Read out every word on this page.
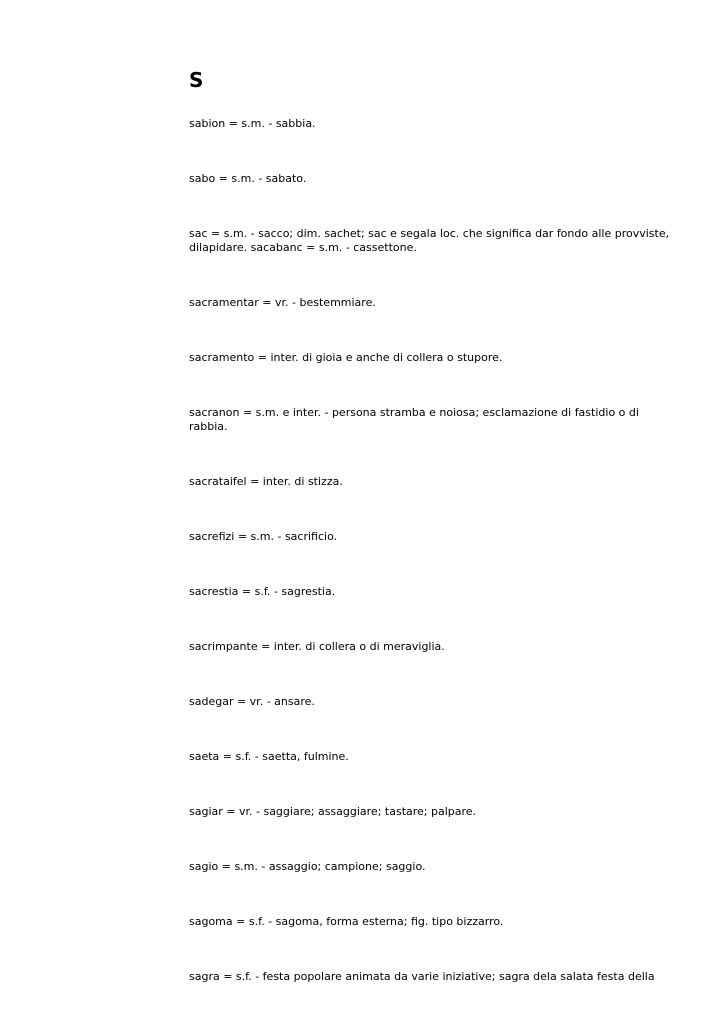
S
sabion = s.m. - sabbia.
sabo = s.m. - sabato.
sac = s.m. - sacco; dim. sachet; sac e segala loc. che significa dar fondo alle provviste, dilapidare. sacabanc = s.m. - cassettone.
sacramentar = vr. - bestemmiare.
sacramento = inter. di gioia e anche di collera o stupore.
sacranon = s.m. e inter. - persona stramba e noiosa; esclamazione di fastidio o di rabbia.
sacrataifel = inter. di stizza.
sacrefizi = s.m. - sacrificio.
sacrestia = s.f. - sagrestia.
sacrimpante = inter. di collera o di meraviglia.
sadegar = vr. - ansare.
saeta = s.f. - saetta, fulmine.
sagiar = vr. - saggiare; assaggiare; tastare; palpare.
sagio = s.m. - assaggio; campione; saggio.
sagoma = s.f. - sagoma, forma esterna; fig. tipo bizzarro.
sagra = s.f. - festa popolare animata da varie iniziative; sagra dela salata festa della
